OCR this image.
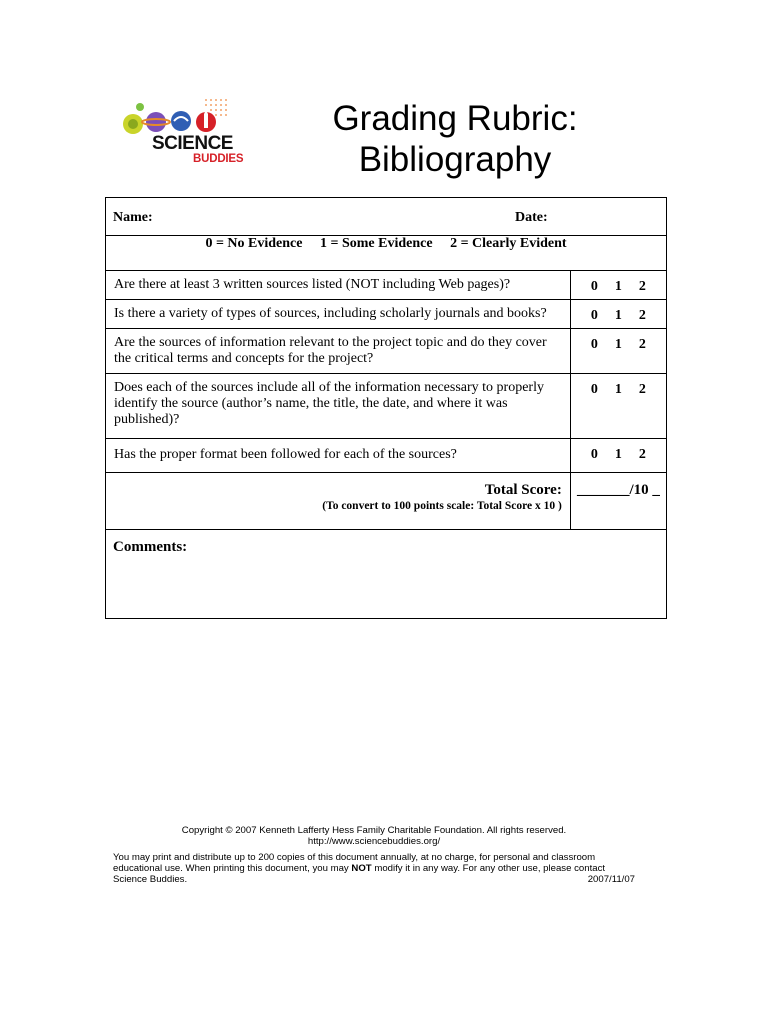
SCIENCE
BUDDIES
Grading Rubric:
Bibliography
Name: Date:	

0 = No Evidence 1 = Some Evidence 2 = Clearly Evident	
Are there at least 3 written sources listed (NOT including Web pages)?	0 1 2
Is there a variety of types of sources, including scholarly journals and books?	0 1 2
Are the sources of information relevant to the project topic and do they cover the critical terms and concepts for the project?	0 1 2
Does each of the sources include all of the information necessary to properly identify the source (author’s name, the title, the date, and where it was published)?	0 1 2
Has the proper format been followed for each of the sources?	0 1 2

Total Score:
(To convert to 100 points scale: Total Score x 10 )	_______/10 _

Comments:	
Copyright © 2007 Kenneth Lafferty Hess Family Charitable Foundation. All rights reserved.
http://www.sciencebuddies.org/
You may print and distribute up to 200 copies of this document annually, at no charge, for personal and classroom educational use. When printing this document, you may NOT modify it in any way. For any other use, please contact Science Buddies.	2007/11/07
